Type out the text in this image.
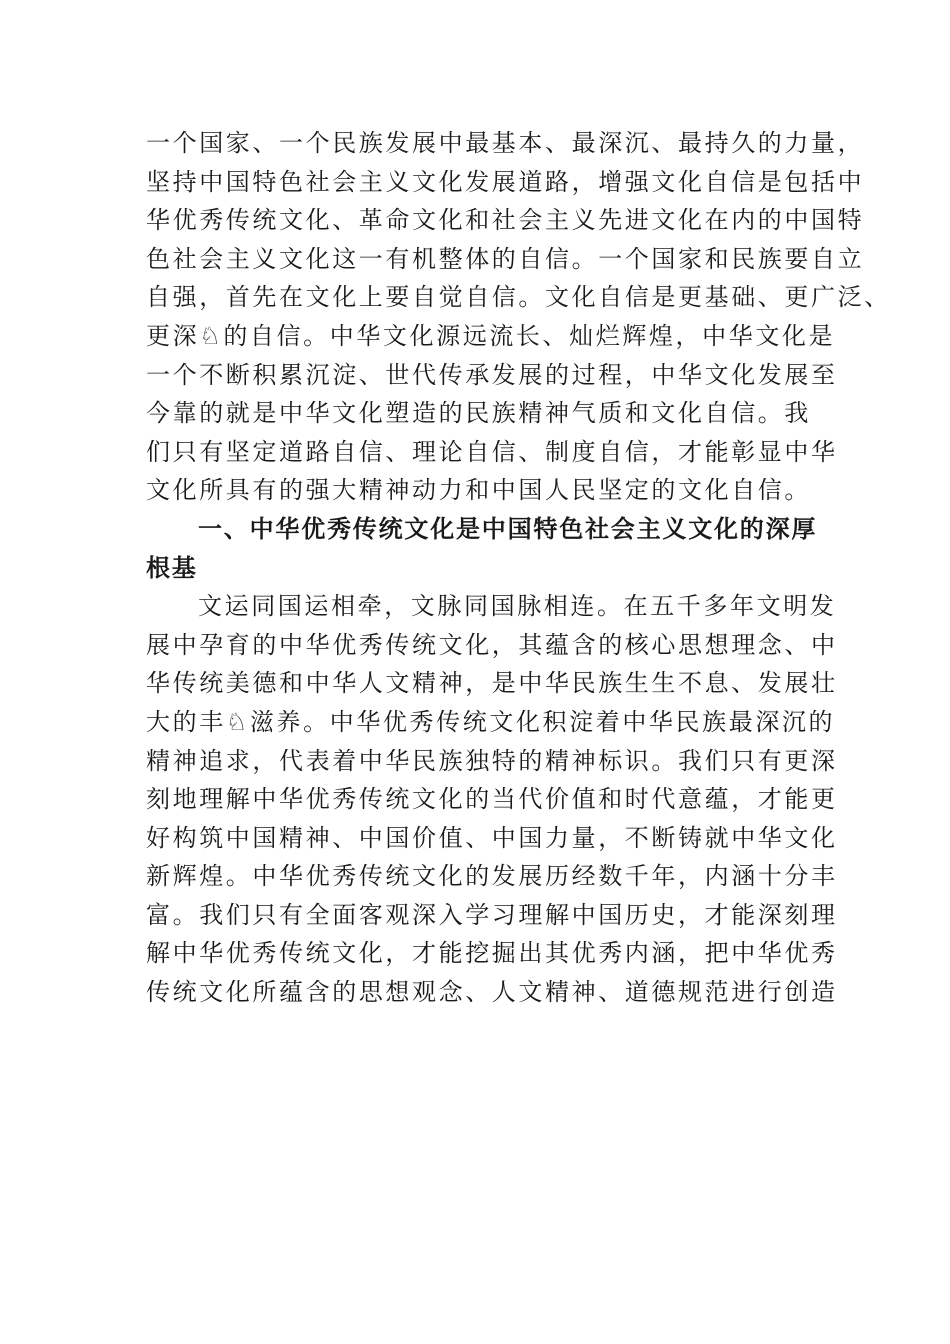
一个国家、一个民族发展中最基本、最深沉、最持久的力量，
坚持中国特色社会主义文化发展道路，增强文化自信是包括中
华优秀传统文化、革命文化和社会主义先进文化在内的中国特
色社会主义文化这一有机整体的自信。一个国家和民族要自立
自强，首先在文化上要自觉自信。文化自信是更基础、更广泛、
更深♘的自信。中华文化源远流长、灿烂辉煌，中华文化是
一个不断积累沉淀、世代传承发展的过程，中华文化发展至
今靠的就是中华文化塑造的民族精神气质和文化自信。我
们只有坚定道路自信、理论自信、制度自信，才能彰显中华
文化所具有的强大精神动力和中国人民坚定的文化自信。
一、中华优秀传统文化是中国特色社会主义文化的深厚
根基
文运同国运相牵，文脉同国脉相连。在五千多年文明发
展中孕育的中华优秀传统文化，其蕴含的核心思想理念、中
华传统美德和中华人文精神，是中华民族生生不息、发展壮
大的丰♘滋养。中华优秀传统文化积淀着中华民族最深沉的
精神追求，代表着中华民族独特的精神标识。我们只有更深
刻地理解中华优秀传统文化的当代价值和时代意蕴，才能更
好构筑中国精神、中国价值、中国力量，不断铸就中华文化
新辉煌。中华优秀传统文化的发展历经数千年，内涵十分丰
富。我们只有全面客观深入学习理解中国历史，才能深刻理
解中华优秀传统文化，才能挖掘出其优秀内涵，把中华优秀
传统文化所蕴含的思想观念、人文精神、道德规范进行创造
